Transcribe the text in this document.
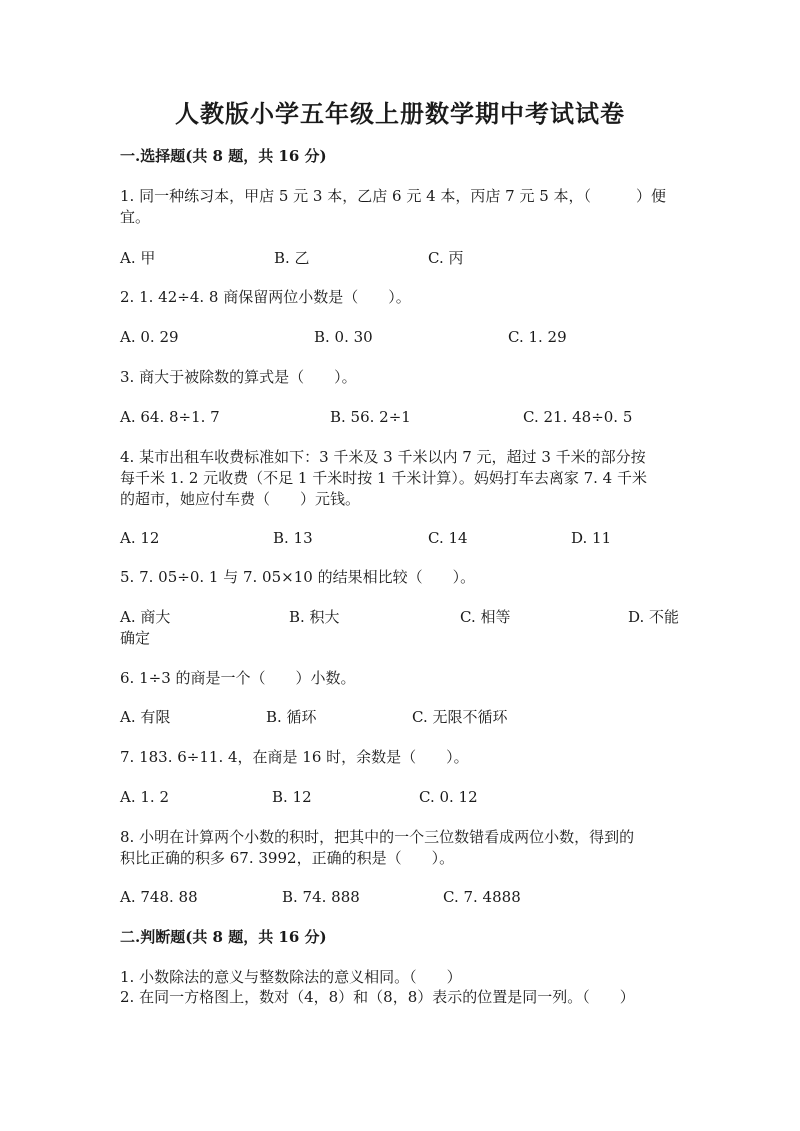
人教版小学五年级上册数学期中考试试卷
一.选择题(共 8 题，共 16 分)
1. 同一种练习本，甲店 5 元 3 本，乙店 6 元 4 本，丙店 7 元 5 本，（　　　）便
宜。
A. 甲	B. 乙	C. 丙
2. 1. 42÷4. 8 商保留两位小数是（　　）。
A. 0. 29	B. 0. 30	C. 1. 29
3. 商大于被除数的算式是（　　）。
A. 64. 8÷1. 7	B. 56. 2÷1	C. 21. 48÷0. 5
4. 某市出租车收费标准如下：3 千米及 3 千米以内 7 元，超过 3 千米的部分按
每千米 1. 2 元收费（不足 1 千米时按 1 千米计算）。妈妈打车去离家 7. 4 千米
的超市，她应付车费（　　）元钱。
A. 12	B. 13	C. 14	D. 11
5. 7. 05÷0. 1 与 7. 05×10 的结果相比较（　　）。
A. 商大	B. 积大	C. 相等	D. 不能
确定
6. 1÷3 的商是一个（　　）小数。
A. 有限	B. 循环	C. 无限不循环
7. 183. 6÷11. 4，在商是 16 时，余数是（　　）。
A. 1. 2	B. 12	C. 0. 12
8. 小明在计算两个小数的积时，把其中的一个三位数错看成两位小数，得到的
积比正确的积多 67. 3992，正确的积是（　　）。
A. 748. 88	B. 74. 888	C. 7. 4888
二.判断题(共 8 题，共 16 分)
1. 小数除法的意义与整数除法的意义相同。（　　）
2. 在同一方格图上，数对（4，8）和（8，8）表示的位置是同一列。（　　）
